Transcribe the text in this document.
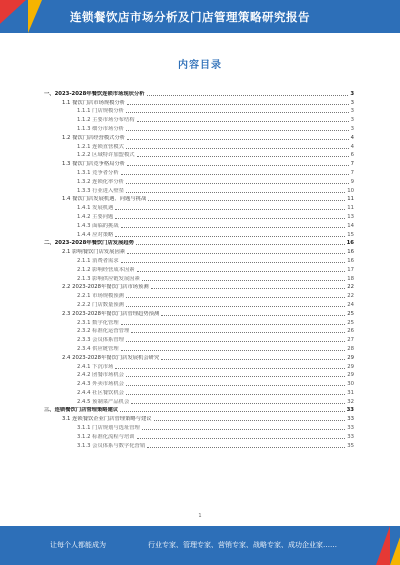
连锁餐饮店市场分析及门店管理策略研究报告
内容目录
一、2023-2028年餐饮连锁市场现状分析	3
1.1 餐饮门店市场规模分析	3
1.1.1 门店规模分析	3
1.1.2 主要市场分布结构	3
1.1.3 细分市场分析	3
1.2 餐饮门店经营模式分析	4
1.2.1 连锁直营模式	4
1.2.2 区域特许加盟模式	6
1.3 餐饮门店竞争格局分析	7
1.3.1 竞争者分析	7
1.3.2 连锁化率分析	9
1.3.3 行业进入壁垒	10
1.4 餐饮门店发展机遇、问题与挑战	11
1.4.1 发展机遇	11
1.4.2 主要问题	13
1.4.3 面临的挑战	14
1.4.4 应对策略	15
二、2023-2028年餐饮门店发展趋势	16
2.1 影响餐饮门店发展因素	16
2.1.1 消费者需求	16
2.1.2 影响经营成本因素	17
2.1.3 影响供应链发展因素	18
2.2 2023-2028年餐饮门店市场预测	22
2.2.1 市场规模预测	22
2.2.2 门店数量预测	24
2.3 2023-2028年餐饮门店管理趋势预测	25
2.3.1 数字化管理	25
2.3.2 标准化运营管理	26
2.3.3 会员体系管理	27
2.3.4 供应链管理	28
2.4 2023-2028年餐饮门店发展机会研究	29
2.4.1 下沉市场	29
2.4.2 团餐市场机会	29
2.4.3 外卖市场机会	30
2.4.4 社区餐饮机会	31
2.4.5 预制菜产品机会	32
三、连锁餐饮门店管理策略建议	33
3.1 连锁餐饮企业门店管理策略与建议	33
3.1.1 门店规划与选址管理	33
3.1.2 标准化流程与培训	33
3.1.3 会员体系与数字化营销	35
1
让每个人都能成为	行业专家、管理专家、营销专家、战略专家、成功企业家……
